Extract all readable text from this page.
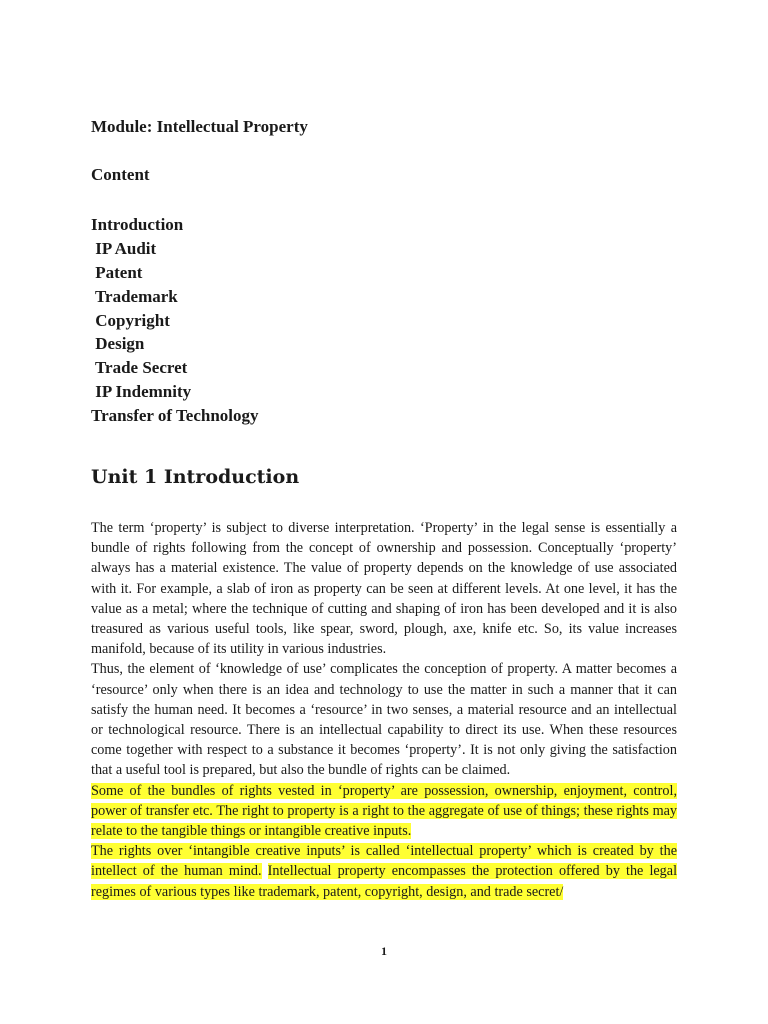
Module: Intellectual Property
Content
Introduction
IP Audit
Patent
Trademark
Copyright
Design
Trade Secret
IP Indemnity
Transfer of Technology
Unit 1 Introduction

The term ‘property’ is subject to diverse interpretation. ‘Property’ in the legal sense is essentially a bundle of rights following from the concept of ownership and possession. Conceptually ‘property’ always has a material existence. The value of property depends on the knowledge of use associated with it. For example, a slab of iron as property can be seen at different levels. At one level, it has the value as a metal; where the technique of cutting and shaping of iron has been developed and it is also treasured as various useful tools, like spear, sword, plough, axe, knife etc. So, its value increases manifold, because of its utility in various industries.

Thus, the element of ‘knowledge of use’ complicates the conception of property. A matter becomes a ‘resource’ only when there is an idea and technology to use the matter in such a manner that it can satisfy the human need. It becomes a ‘resource’ in two senses, a material resource and an intellectual or technological resource. There is an intellectual capability to direct its use. When these resources come together with respect to a substance it becomes ‘property’. It is not only giving the satisfaction that a useful tool is prepared, but also the bundle of rights can be claimed.

Some of the bundles of rights vested in ‘property’ are possession, ownership, enjoyment, control, power of transfer etc. The right to property is a right to the aggregate of use of things; these rights may relate to the tangible things or intangible creative inputs.

The rights over ‘intangible creative inputs’ is called ‘intellectual property’ which is created by the intellect of the human mind. Intellectual property encompasses the protection offered by the legal regimes of various types like trademark, patent, copyright, design, and trade secret/

1
